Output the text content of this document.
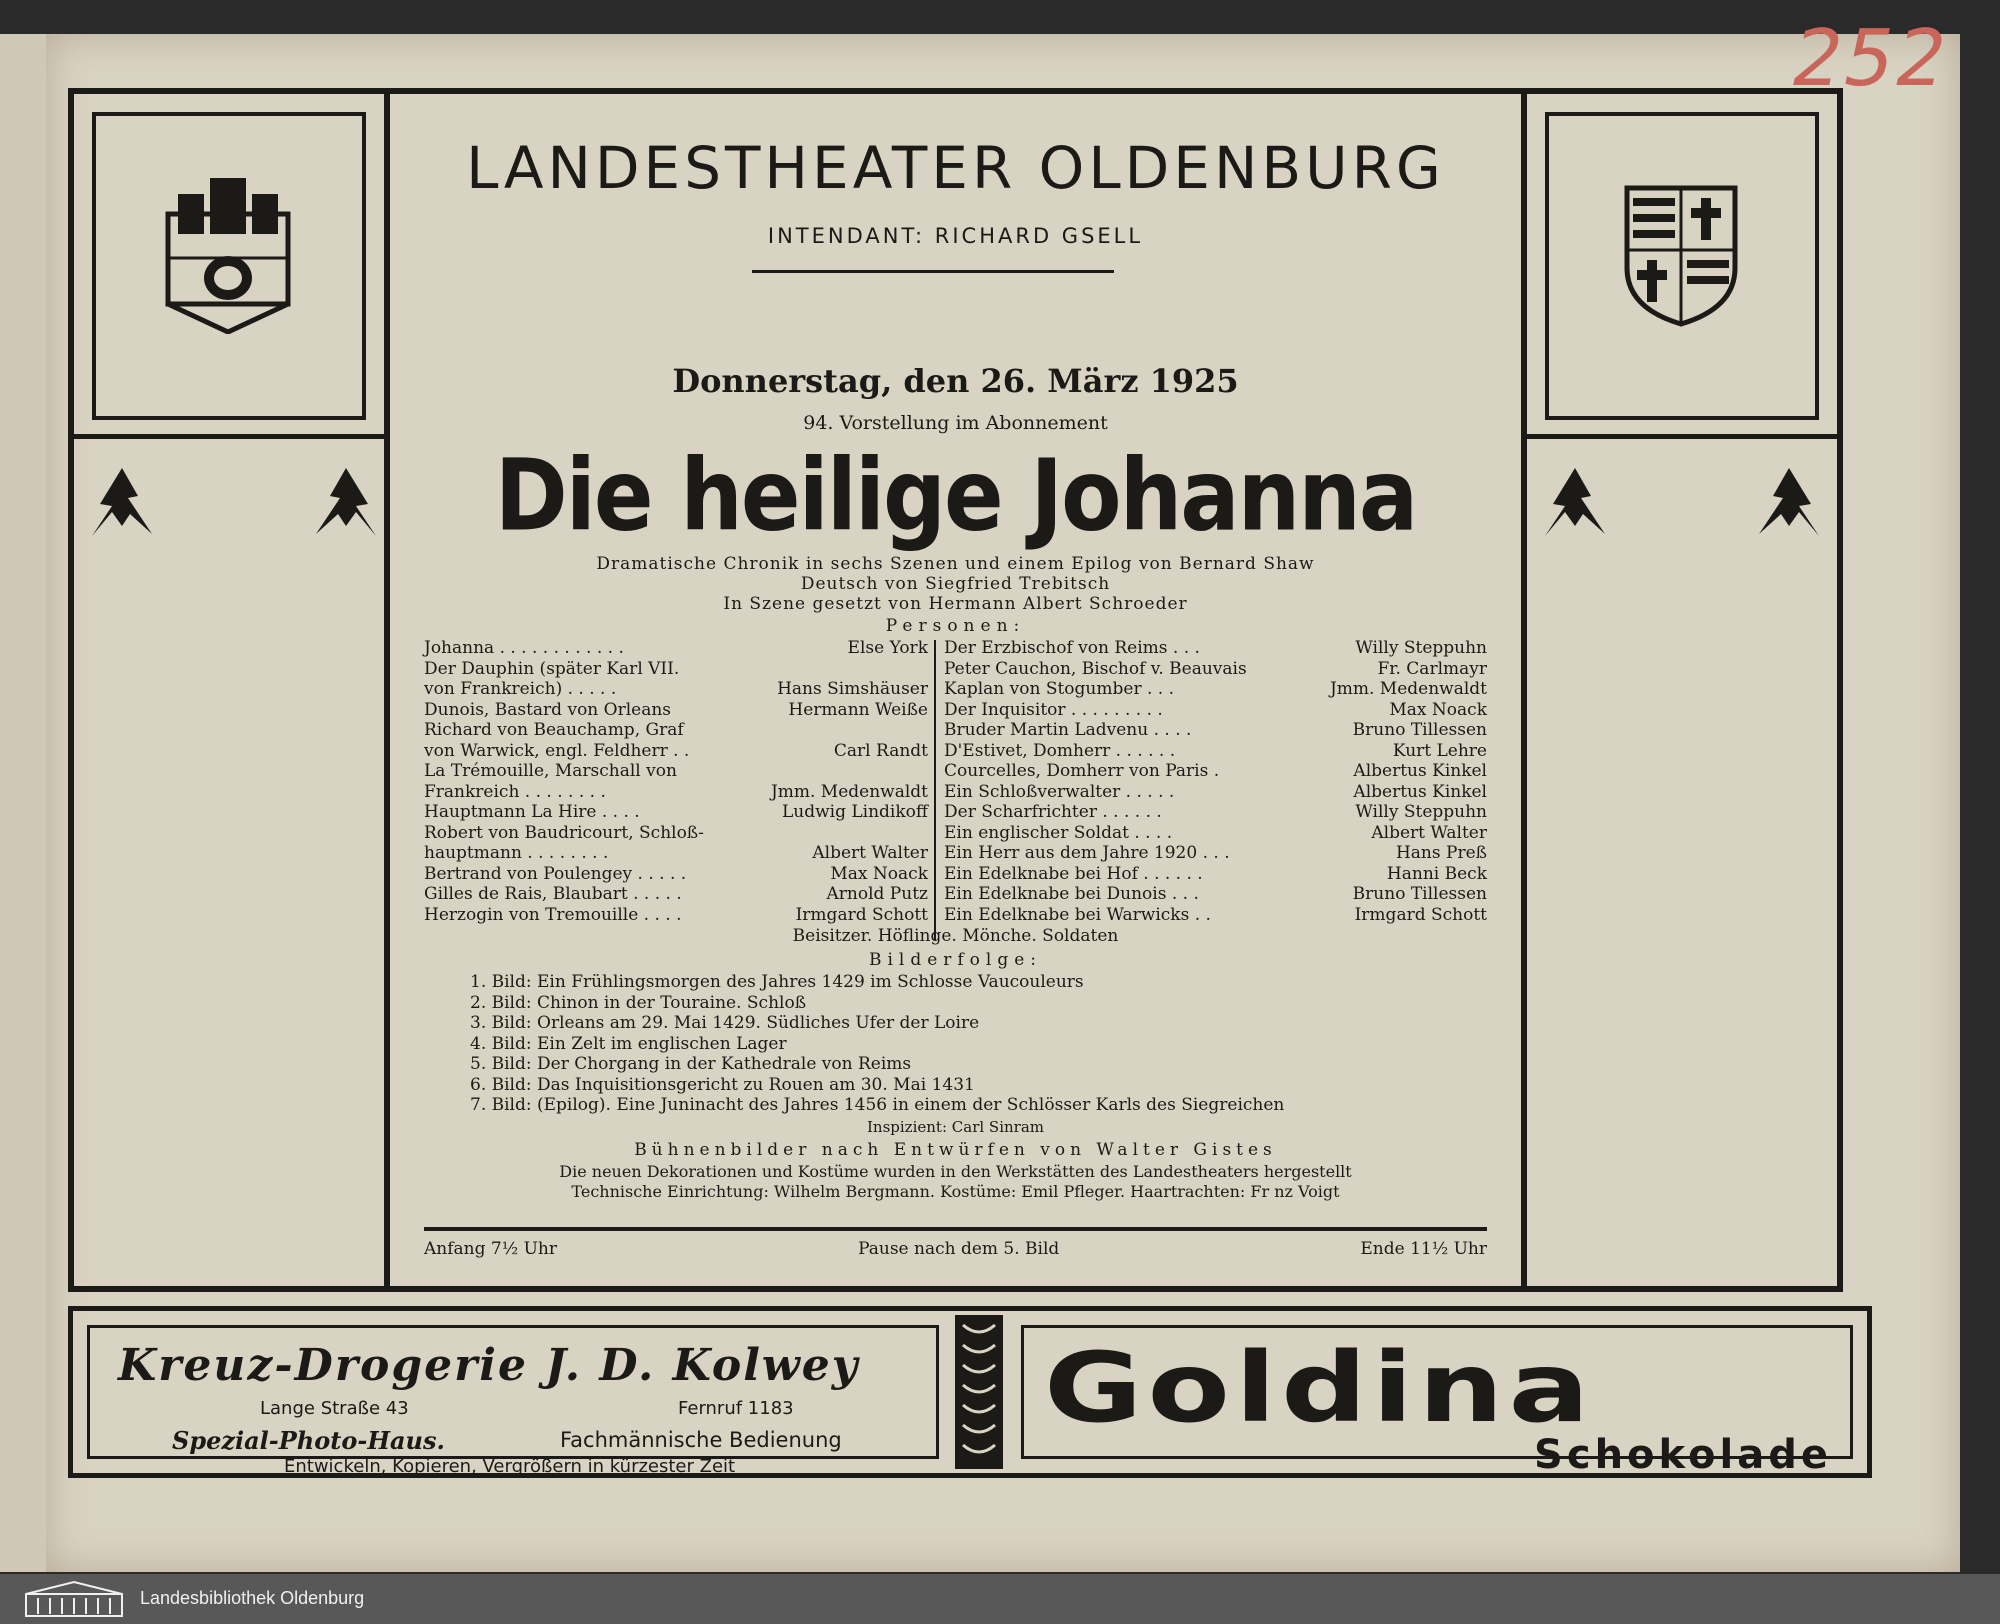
252
LANDESTHEATER OLDENBURG
INTENDANT: RICHARD GSELL
Donnerstag, den 26. März 1925
94. Vorstellung im Abonnement
Die heilige Johanna
Dramatische Chronik in sechs Szenen und einem Epilog von Bernard Shaw
Deutsch von Siegfried Trebitsch
In Szene gesetzt von Hermann Albert Schroeder
Personen:
Johanna . . . . . . . . . . . .	Else York
Der Dauphin (später Karl VII.
von Frankreich) . . . . .	Hans Simshäuser
Dunois, Bastard von Orleans	Hermann Weiße
Richard von Beauchamp, Graf
von Warwick, engl. Feldherr . .	Carl Randt
La Trémouille, Marschall von
Frankreich . . . . . . . .	Jmm. Medenwaldt
Hauptmann La Hire . . . .	Ludwig Lindikoff
Robert von Baudricourt, Schloß-
hauptmann . . . . . . . .	Albert Walter
Bertrand von Poulengey . . . . .	Max Noack
Gilles de Rais, Blaubart . . . . .	Arnold Putz
Herzogin von Tremouille . . . .	Irmgard Schott
Der Erzbischof von Reims . . .	Willy Steppuhn
Peter Cauchon, Bischof v. Beauvais	Fr. Carlmayr
Kaplan von Stogumber . . .	Jmm. Medenwaldt
Der Inquisitor . . . . . . . . .	Max Noack
Bruder Martin Ladvenu . . . .	Bruno Tillessen
D'Estivet, Domherr . . . . . .	Kurt Lehre
Courcelles, Domherr von Paris .	Albertus Kinkel
Ein Schloßverwalter . . . . .	Albertus Kinkel
Der Scharfrichter . . . . . .	Willy Steppuhn
Ein englischer Soldat . . . .	Albert Walter
Ein Herr aus dem Jahre 1920 . . .	Hans Preß
Ein Edelknabe bei Hof . . . . . .	Hanni Beck
Ein Edelknabe bei Dunois . . .	Bruno Tillessen
Ein Edelknabe bei Warwicks . .	Irmgard Schott
Beisitzer. Höflinge. Mönche. Soldaten
Bilderfolge:
1. Bild: Ein Frühlingsmorgen des Jahres 1429 im Schlosse Vaucouleurs
2. Bild: Chinon in der Touraine. Schloß
3. Bild: Orleans am 29. Mai 1429. Südliches Ufer der Loire
4. Bild: Ein Zelt im englischen Lager
5. Bild: Der Chorgang in der Kathedrale von Reims
6. Bild: Das Inquisitionsgericht zu Rouen am 30. Mai 1431
7. Bild: (Epilog). Eine Juninacht des Jahres 1456 in einem der Schlösser Karls des Siegreichen
Inspizient: Carl Sinram
Bühnenbilder nach Entwürfen von Walter Gistes
Die neuen Dekorationen und Kostüme wurden in den Werkstätten des Landestheaters hergestellt
Technische Einrichtung: Wilhelm Bergmann. Kostüme: Emil Pfleger. Haartrachten: Fr nz Voigt
Anfang 7½ Uhr	Pause nach dem 5. Bild	Ende 11½ Uhr
Kreuz-Drogerie J. D. Kolwey
Lange Straße 43	Fernruf 1183
Spezial-Photo-Haus.	Fachmännische Bedienung
Entwickeln, Kopieren, Vergrößern in kürzester Zeit
Goldina
Schokolade
Landesbibliothek Oldenburg
